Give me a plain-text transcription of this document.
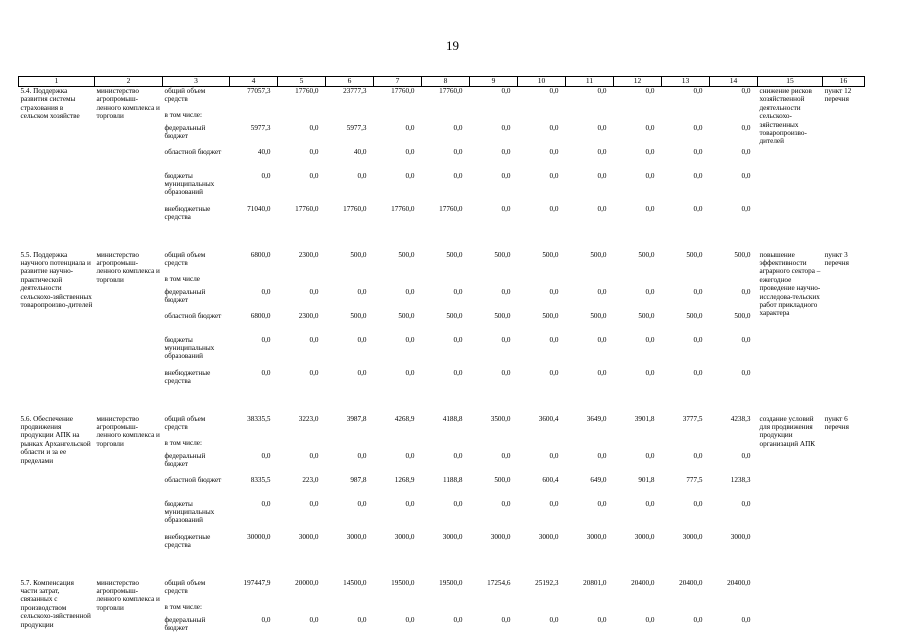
19
1	2	3	4	5	6	7	8	9	10	11	12	13	14	15	16
5.4. Поддержка развития системы страхования в сельском хозяйстве	министерство агропромыш-ленного комплекса и торговли	общий объем средств	77057,3	17760,0	23777,3	17760,0	17760,0	0,0	0,0	0,0	0,0	0,0	0,0	снижение рисков хозяйственной деятельности сельскохо-зяйственных товаропроизво-дителей	пункт 12 перечня
		в том числе:													
		федеральный бюджет	5977,3	0,0	5977,3	0,0	0,0	0,0	0,0	0,0	0,0	0,0	0,0		
		областной бюджет	40,0	0,0	40,0	0,0	0,0	0,0	0,0	0,0	0,0	0,0	0,0		
		бюджеты муниципальных образований	0,0	0,0	0,0	0,0	0,0	0,0	0,0	0,0	0,0	0,0	0,0		
		внебюджетные средства	71040,0	17760,0	17760,0	17760,0	17760,0	0,0	0,0	0,0	0,0	0,0	0,0		

5.5. Поддержка научного потенциала и развитие научно-практической деятельности сельскохо-зяйственных товаропроизво-дителей	министерство агропромыш-ленного комплекса и торговли	общий объем средств	6800,0	2300,0	500,0	500,0	500,0	500,0	500,0	500,0	500,0	500,0	500,0	повышение эффективности аграрного сектора – ежегодное проведение научно-исследова-тельских работ прикладного характера	пункт 3 перечня
		в том числе													
		федеральный бюджет	0,0	0,0	0,0	0,0	0,0	0,0	0,0	0,0	0,0	0,0	0,0		
		областной бюджет	6800,0	2300,0	500,0	500,0	500,0	500,0	500,0	500,0	500,0	500,0	500,0		
		бюджеты муниципальных образований	0,0	0,0	0,0	0,0	0,0	0,0	0,0	0,0	0,0	0,0	0,0		
		внебюджетные средства	0,0	0,0	0,0	0,0	0,0	0,0	0,0	0,0	0,0	0,0	0,0		

5.6. Обеспечение продвижения продукции АПК на рынках Архангельской области и за ее пределами	министерство агропромыш-ленного комплекса и торговли	общий объем средств	38335,5	3223,0	3987,8	4268,9	4188,8	3500,0	3600,4	3649,0	3901,8	3777,5	4238,3	создание условий для продвижения продукции организаций АПК	пункт 6 перечня
		в том числе:													
		федеральный бюджет	0,0	0,0	0,0	0,0	0,0	0,0	0,0	0,0	0,0	0,0	0,0		
		областной бюджет	8335,5	223,0	987,8	1268,9	1188,8	500,0	600,4	649,0	901,8	777,5	1238,3		
		бюджеты муниципальных образований	0,0	0,0	0,0	0,0	0,0	0,0	0,0	0,0	0,0	0,0	0,0		
		внебюджетные средства	30000,0	3000,0	3000,0	3000,0	3000,0	3000,0	3000,0	3000,0	3000,0	3000,0	3000,0		

5.7. Компенсация части затрат, связанных с производством сельскохо-зяйственной продукции	министерство агропромыш-ленного комплекса и торговли	общий объем средств	197447,9	20000,0	14500,0	19500,0	19500,0	17254,6	25192,3	20801,0	20400,0	20400,0	20400,0		
		в том числе:													
		федеральный бюджет	0,0	0,0	0,0	0,0	0,0	0,0	0,0	0,0	0,0	0,0	0,0		
